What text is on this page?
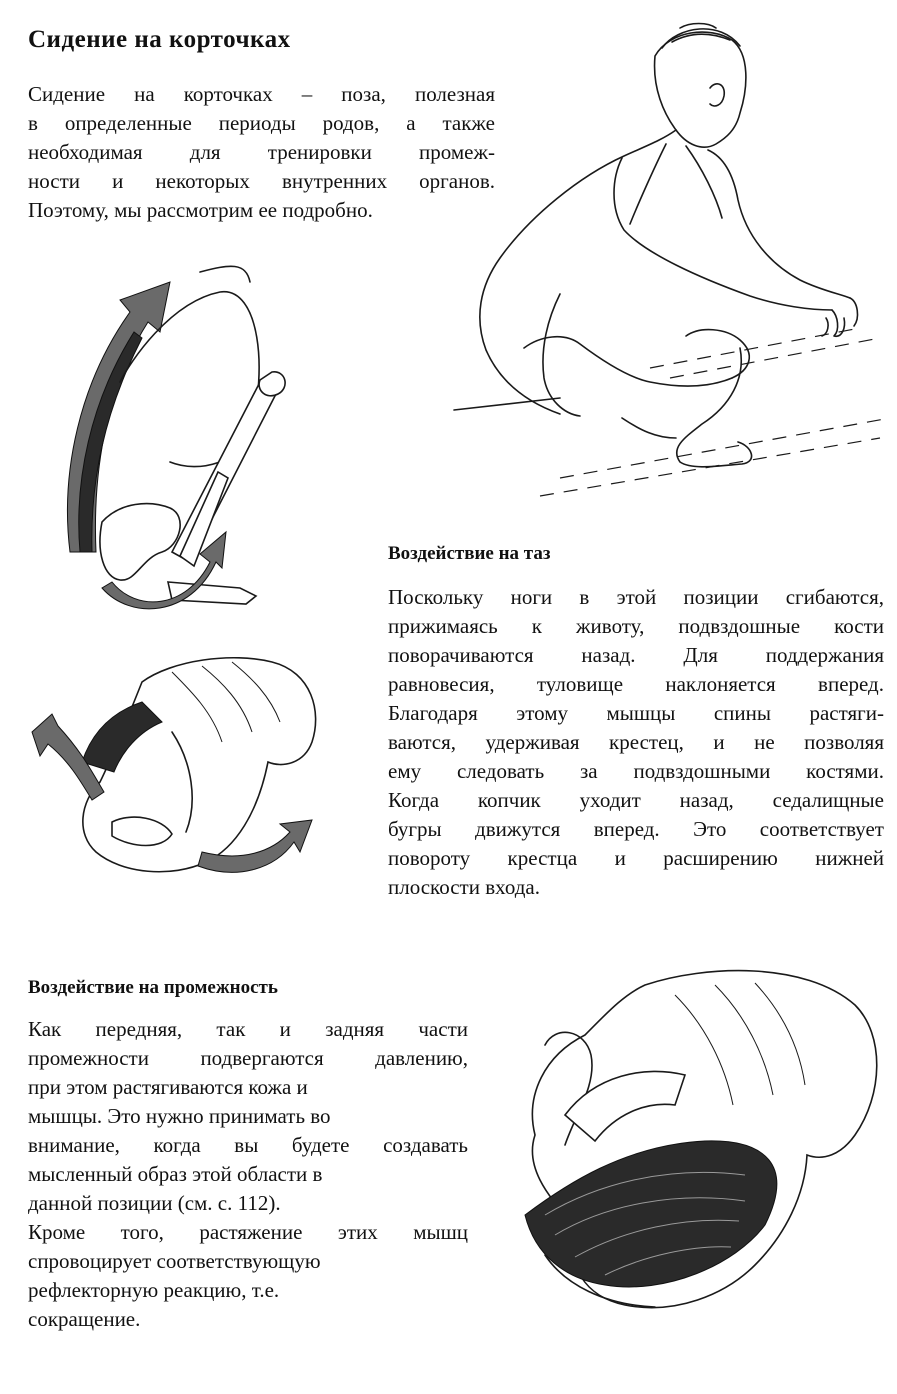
Сидение на корточках
Сидение на корточках – поза, полезная
в определенные периоды родов, а также
необходимая для тренировки промеж-
ности и некоторых внутренних органов.
Поэтому, мы рассмотрим ее подробно.
Воздействие на таз
Поскольку ноги в этой позиции сгибаются,
прижимаясь к животу, подвздошные кости
поворачиваются назад. Для поддержания
равновесия, туловище наклоняется вперед.
Благодаря этому мышцы спины растяги-
ваются, удерживая крестец, и не позволяя
ему следовать за подвздошными костями.
Когда копчик уходит назад, седалищные
бугры движутся вперед. Это соответствует
повороту крестца и расширению нижней
плоскости входа.
Воздействие на промежность
Как передняя, так и задняя части
промежности подвергаются давлению,
при этом растягиваются кожа и
мышцы. Это нужно принимать во
внимание, когда вы будете создавать
мысленный образ этой области в
данной позиции (см. с. 112).
Кроме того, растяжение этих мышц
спровоцирует соответствующую
рефлекторную реакцию, т.е.
сокращение.
